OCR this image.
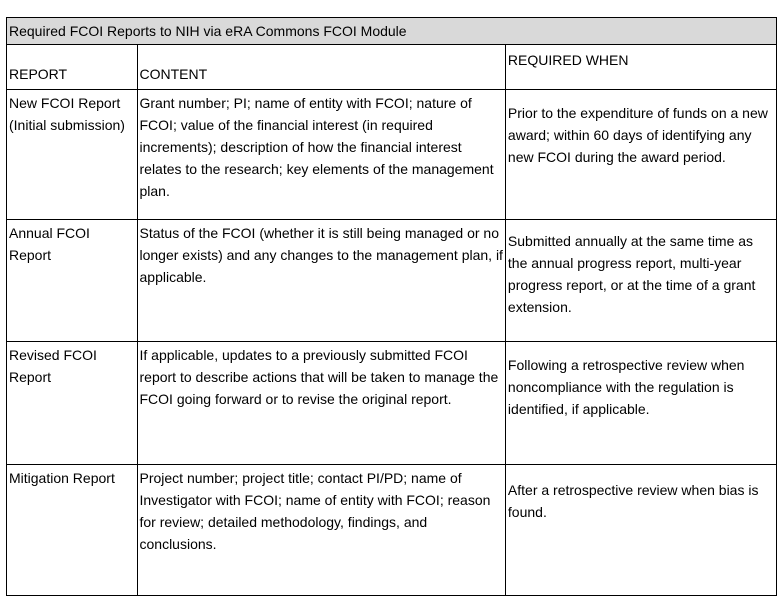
Required FCOI Reports to NIH via eRA Commons FCOI Module		
REPORT	CONTENT	REQUIRED WHEN
New FCOI Report (Initial submission)	Grant number; PI; name of entity with FCOI; nature of FCOI; value of the financial interest (in required increments); description of how the financial interest relates to the research; key elements of the management plan.	Prior to the expenditure of funds on a new award; within 60 days of identifying any new FCOI during the award period.
Annual FCOI Report	Status of the FCOI (whether it is still being managed or no longer exists) and any changes to the management plan, if applicable.	Submitted annually at the same time as the annual progress report, multi-year progress report, or at the time of a grant extension.
Revised FCOI Report	If applicable, updates to a previously submitted FCOI report to describe actions that will be taken to manage the FCOI going forward or to revise the original report.	Following a retrospective review when noncompliance with the regulation is identified, if applicable.
Mitigation Report	Project number; project title; contact PI/PD; name of Investigator with FCOI; name of entity with FCOI; reason for review; detailed methodology, findings, and conclusions.	After a retrospective review when bias is found.
